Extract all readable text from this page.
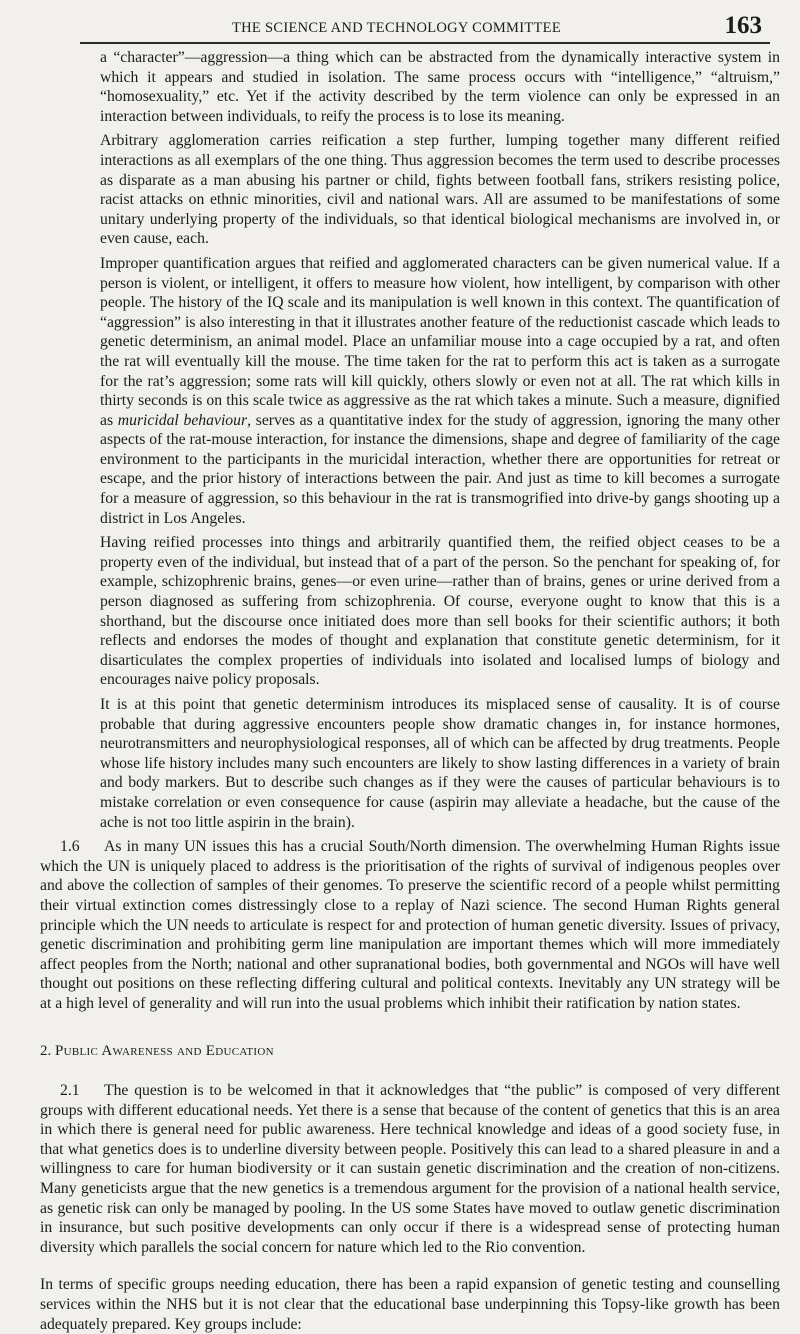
THE SCIENCE AND TECHNOLOGY COMMITTEE	163

a “character”—aggression—a thing which can be abstracted from the dynamically interactive system in which it appears and studied in isolation. The same process occurs with “intelligence,” “altruism,” “homosexuality,” etc. Yet if the activity described by the term violence can only be expressed in an interaction between individuals, to reify the process is to lose its meaning.

Arbitrary agglomeration carries reification a step further, lumping together many different reified interactions as all exemplars of the one thing. Thus aggression becomes the term used to describe processes as disparate as a man abusing his partner or child, fights between football fans, strikers resisting police, racist attacks on ethnic minorities, civil and national wars. All are assumed to be manifestations of some unitary underlying property of the individuals, so that identical biological mechanisms are involved in, or even cause, each.

Improper quantification argues that reified and agglomerated characters can be given numerical value. If a person is violent, or intelligent, it offers to measure how violent, how intelligent, by comparison with other people. The history of the IQ scale and its manipulation is well known in this context. The quantification of “aggression” is also interesting in that it illustrates another feature of the reductionist cascade which leads to genetic determinism, an animal model. Place an unfamiliar mouse into a cage occupied by a rat, and often the rat will eventually kill the mouse. The time taken for the rat to perform this act is taken as a surrogate for the rat’s aggression; some rats will kill quickly, others slowly or even not at all. The rat which kills in thirty seconds is on this scale twice as aggressive as the rat which takes a minute. Such a measure, dignified as muricidal behaviour, serves as a quantitative index for the study of aggression, ignoring the many other aspects of the rat-mouse interaction, for instance the dimensions, shape and degree of familiarity of the cage environment to the participants in the muricidal interaction, whether there are opportunities for retreat or escape, and the prior history of interactions between the pair. And just as time to kill becomes a surrogate for a measure of aggression, so this behaviour in the rat is transmogrified into drive-by gangs shooting up a district in Los Angeles.

Having reified processes into things and arbitrarily quantified them, the reified object ceases to be a property even of the individual, but instead that of a part of the person. So the penchant for speaking of, for example, schizophrenic brains, genes—or even urine—rather than of brains, genes or urine derived from a person diagnosed as suffering from schizophrenia. Of course, everyone ought to know that this is a shorthand, but the discourse once initiated does more than sell books for their scientific authors; it both reflects and endorses the modes of thought and explanation that constitute genetic determinism, for it disarticulates the complex properties of individuals into isolated and localised lumps of biology and encourages naive policy proposals.

It is at this point that genetic determinism introduces its misplaced sense of causality. It is of course probable that during aggressive encounters people show dramatic changes in, for instance hormones, neurotransmitters and neurophysiological responses, all of which can be affected by drug treatments. People whose life history includes many such encounters are likely to show lasting differences in a variety of brain and body markers. But to describe such changes as if they were the causes of particular behaviours is to mistake correlation or even consequence for cause (aspirin may alleviate a headache, but the cause of the ache is not too little aspirin in the brain).

1.6 As in many UN issues this has a crucial South/North dimension. The overwhelming Human Rights issue which the UN is uniquely placed to address is the prioritisation of the rights of survival of indigenous peoples over and above the collection of samples of their genomes. To preserve the scientific record of a people whilst permitting their virtual extinction comes distressingly close to a replay of Nazi science. The second Human Rights general principle which the UN needs to articulate is respect for and protection of human genetic diversity. Issues of privacy, genetic discrimination and prohibiting germ line manipulation are important themes which will more immediately affect peoples from the North; national and other supranational bodies, both governmental and NGOs will have well thought out positions on these reflecting differing cultural and political contexts. Inevitably any UN strategy will be at a high level of generality and will run into the usual problems which inhibit their ratification by nation states.

2. Public Awareness and Education

2.1 The question is to be welcomed in that it acknowledges that “the public” is composed of very different groups with different educational needs. Yet there is a sense that because of the content of genetics that this is an area in which there is general need for public awareness. Here technical knowledge and ideas of a good society fuse, in that what genetics does is to underline diversity between people. Positively this can lead to a shared pleasure in and a willingness to care for human biodiversity or it can sustain genetic discrimination and the creation of non-citizens. Many geneticists argue that the new genetics is a tremendous argument for the provision of a national health service, as genetic risk can only be managed by pooling. In the US some States have moved to outlaw genetic discrimination in insurance, but such positive developments can only occur if there is a widespread sense of protecting human diversity which parallels the social concern for nature which led to the Rio convention.

In terms of specific groups needing education, there has been a rapid expansion of genetic testing and counselling services within the NHS but it is not clear that the educational base underpinning this Topsy-like growth has been adequately prepared. Key groups include:
